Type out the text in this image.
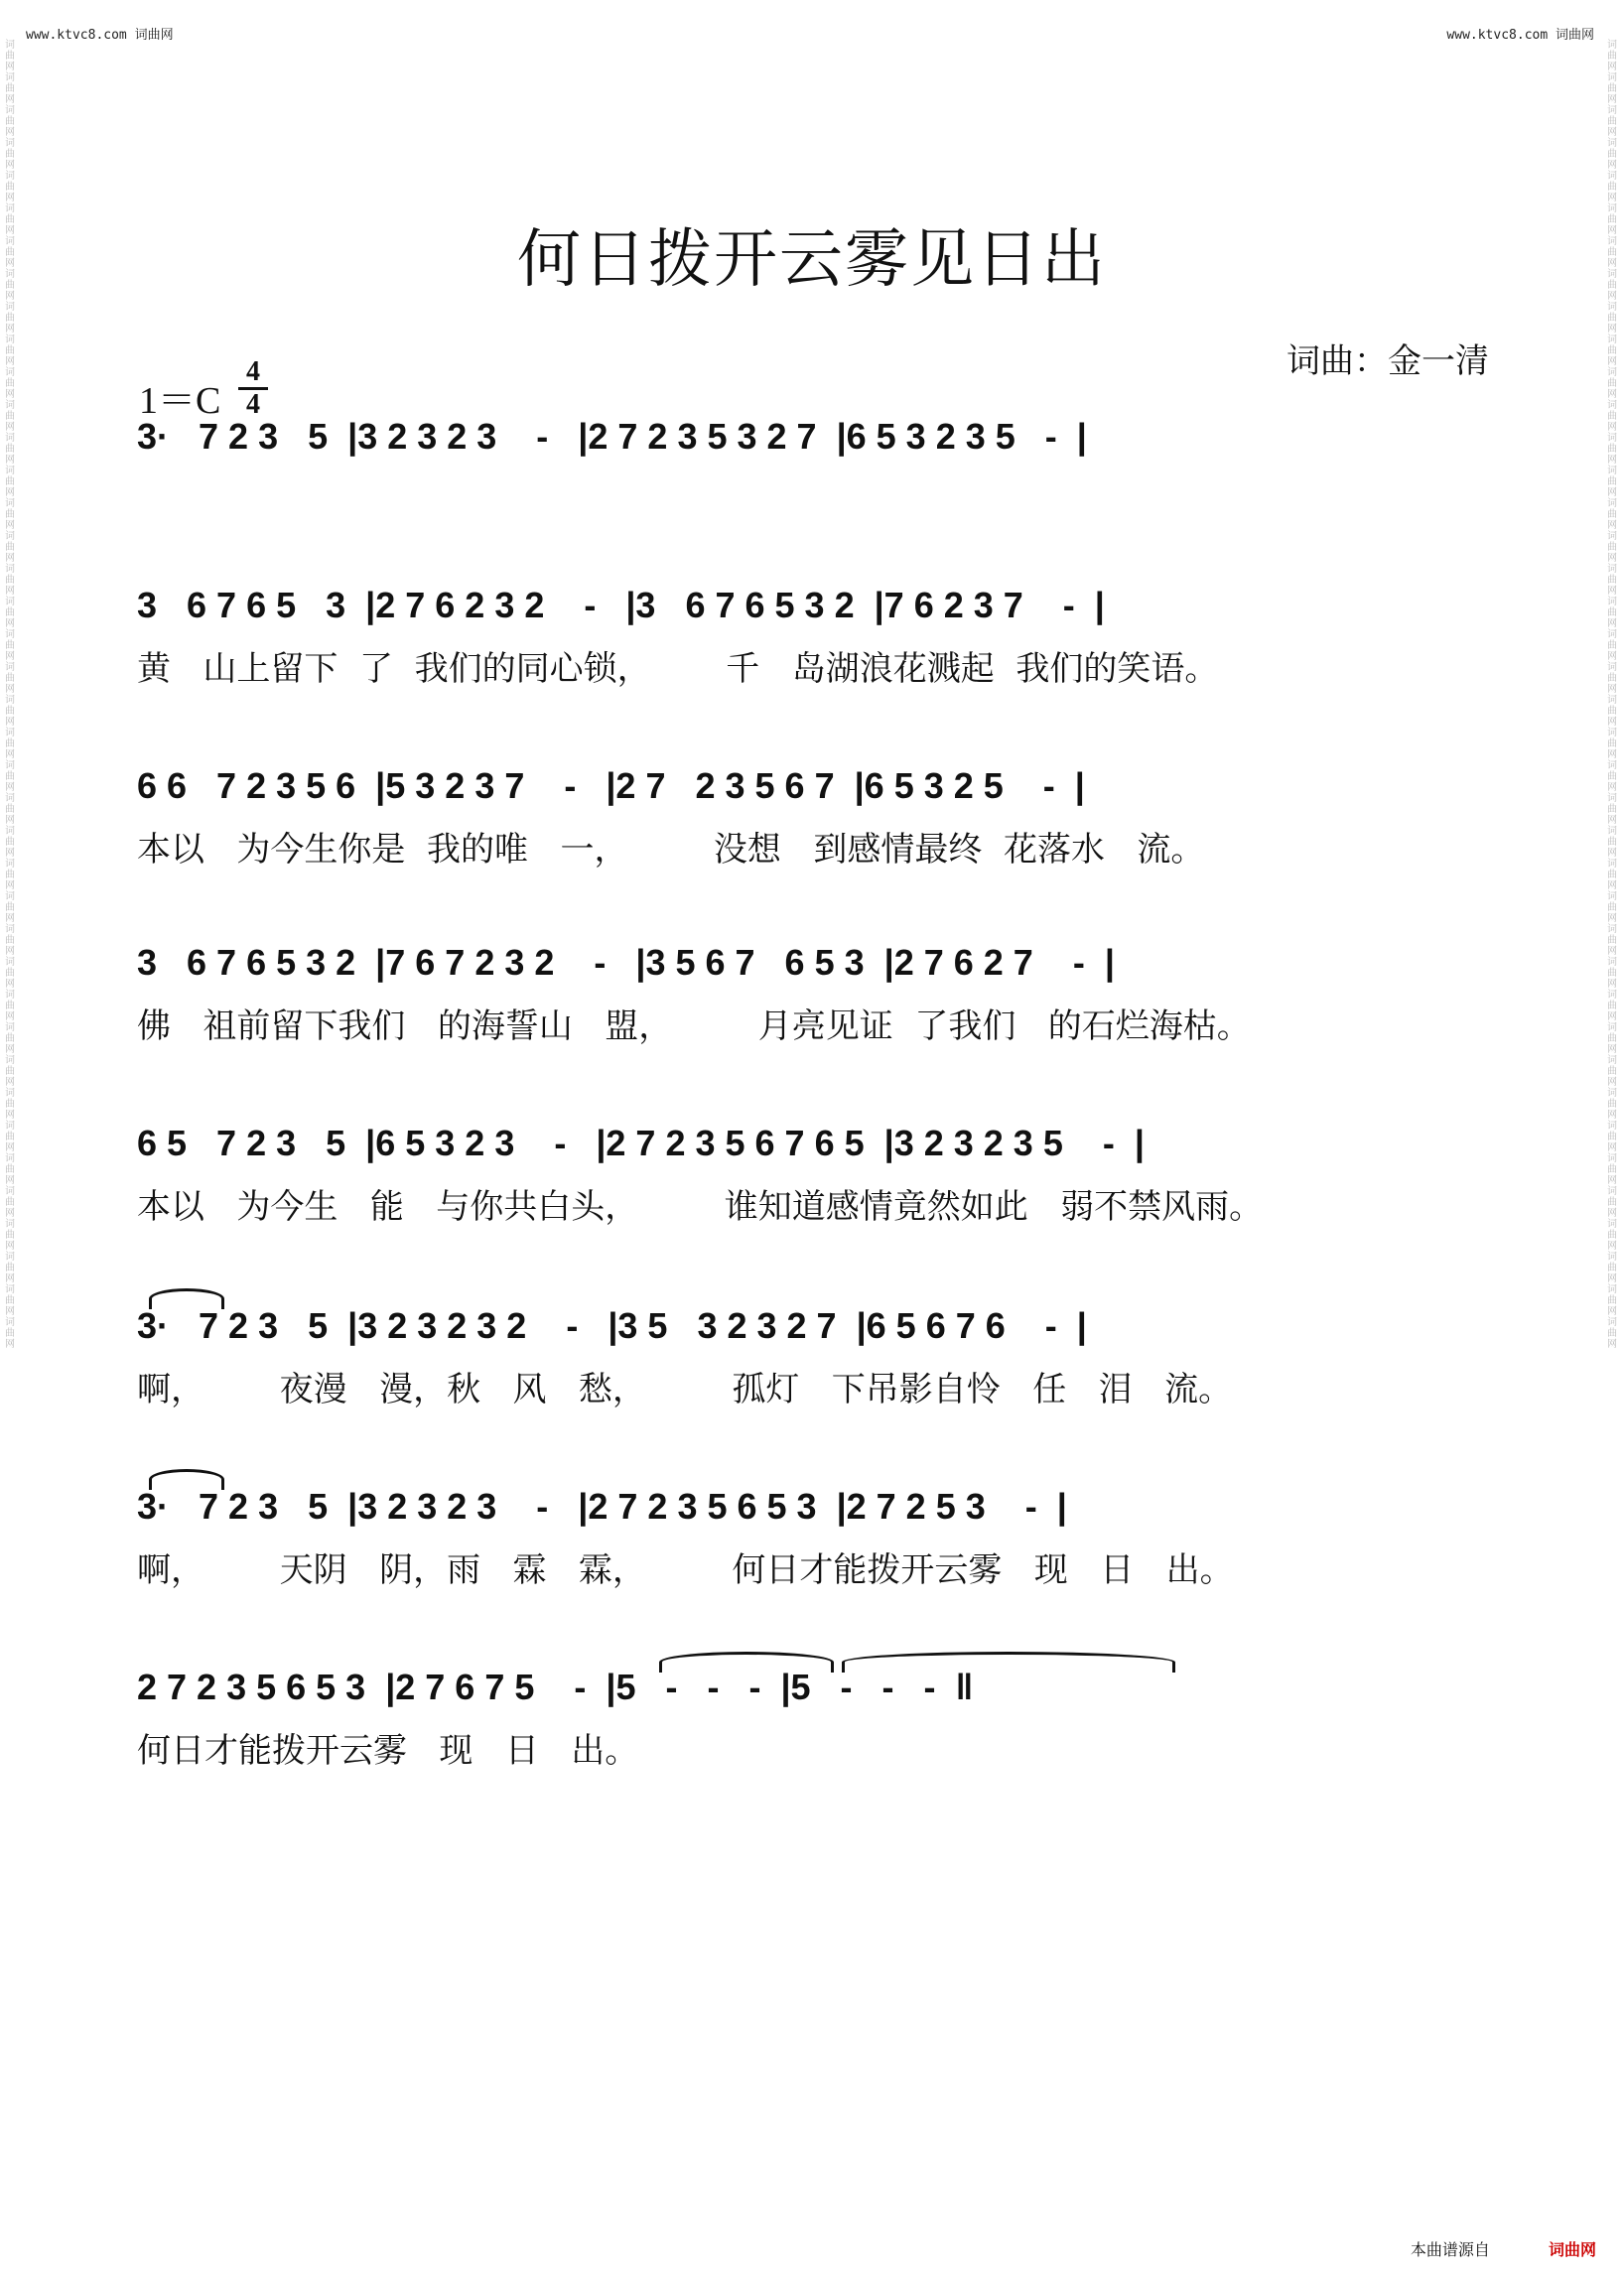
www.ktvc8.com 词曲网	www.ktvc8.com 词曲网
词曲网词曲网词曲网词曲网词曲网词曲网词曲网词曲网词曲网词曲网词曲网词曲网词曲网词曲网词曲网词曲网词曲网词曲网词曲网词曲网词曲网词曲网词曲网词曲网词曲网词曲网词曲网词曲网词曲网词曲网词曲网词曲网词曲网词曲网词曲网词曲网词曲网词曲网词曲网词曲网
词曲网词曲网词曲网词曲网词曲网词曲网词曲网词曲网词曲网词曲网词曲网词曲网词曲网词曲网词曲网词曲网词曲网词曲网词曲网词曲网词曲网词曲网词曲网词曲网词曲网词曲网词曲网词曲网词曲网词曲网词曲网词曲网词曲网词曲网词曲网词曲网词曲网词曲网词曲网词曲网
何日拨开云雾见日出
1＝C
4
4
词曲：金一清
3·   7 2 3   5  |3 2 3 2 3    -   |2 7 2 3 5 3 2 7  |6 5 3 2 3 5   -  |
3   6 7 6 5   3  |2 7 6 2 3 2    -   |3   6 7 6 5 3 2  |7 6 2 3 7    -  |
黄   山上留下  了  我们的同心锁，       千   岛湖浪花溅起  我们的笑语。
6 6   7 2 3 5 6  |5 3 2 3 7    -   |2 7   2 3 5 6 7  |6 5 3 2 5    -  |
本以   为今生你是  我的唯   一，        没想   到感情最终  花落水   流。
3   6 7 6 5 3 2  |7 6 7 2 3 2    -   |3 5 6 7   6 5 3  |2 7 6 2 7    -  |
佛   祖前留下我们   的海誓山   盟，        月亮见证  了我们   的石烂海枯。
6 5   7 2 3   5  |6 5 3 2 3    -   |2 7 2 3 5 6 7 6 5  |3 2 3 2 3 5    -  |
本以   为今生   能   与你共白头，        谁知道感情竟然如此   弱不禁风雨。
3·   7 2 3   5  |3 2 3 2 3 2    -   |3 5   3 2 3 2 7  |6 5 6 7 6    -  |
啊，       夜漫   漫，秋   风   愁，        孤灯   下吊影自怜   任   泪   流。
3·   7 2 3   5  |3 2 3 2 3    -   |2 7 2 3 5 6 5 3  |2 7 2 5 3    -  |
啊，       天阴   阴，雨   霖   霖，        何日才能拨开云雾   现   日   出。
2 7 2 3 5 6 5 3  |2 7 6 7 5    -  |5   -   -   -  |5   -   -   -  ‖
何日才能拨开云雾   现   日   出。
本曲谱源自	词曲网
